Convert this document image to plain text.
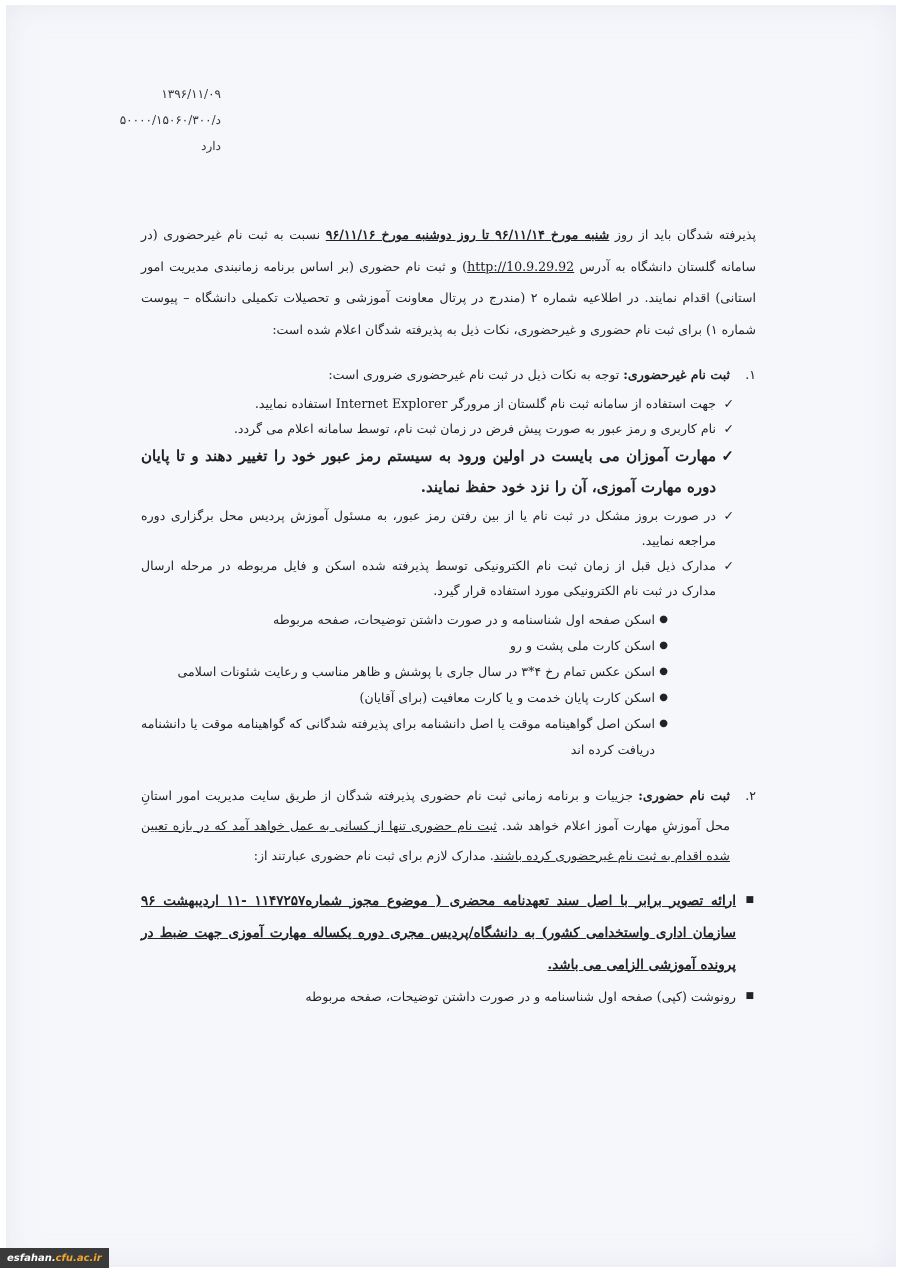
۱۳۹۶/۱۱/۰۹
د/۵۰۰۰۰/۱۵۰۶۰/۳۰۰
دارد

پذیرفته شدگان باید از روز شنبه مورخ ۹۶/۱۱/۱۴ تا روز دوشنبه مورخ ۹۶/۱۱/۱۶ نسبت به ثبت نام غیرحضوری (در سامانه گلستان دانشگاه به آدرس http://10.9.29.92) و ثبت نام حضوری (بر اساس برنامه زمانبندی مدیریت امور استانی) اقدام نمایند. در اطلاعیه شماره ۲ (مندرج در پرتال معاونت آموزشی و تحصیلات تکمیلی دانشگاه – پیوست شماره ۱) برای ثبت نام حضوری و غیرحضوری، نکات ذیل به پذیرفته شدگان اعلام شده است:

۱.
ثبت نام غیرحضوری: توجه به نکات ذیل در ثبت نام غیرحضوری ضروری است:
✓
جهت استفاده از سامانه ثبت نام گلستان از مرورگر Internet Explorer استفاده نمایید.
✓
نام کاربری و رمز عبور به صورت پیش فرض در زمان ثبت نام، توسط سامانه اعلام می گردد.
✓
مهارت آموزان می بایست در اولین ورود به سیستم رمز عبور خود را تغییر دهند و تا پایان دوره مهارت آموزی، آن را نزد خود حفظ نمایند.
✓
در صورت بروز مشکل در ثبت نام یا از بین رفتن رمز عبور، به مسئول آموزش پردیس محل برگزاری دوره مراجعه نمایید.
✓
مدارک ذیل قبل از زمان ثبت نام الکترونیکی توسط پذیرفته شده اسکن و فایل مربوطه در مرحله ارسال مدارک در ثبت نام الکترونیکی مورد استفاده قرار گیرد.
●
اسکن صفحه اول شناسنامه و در صورت داشتن توضیحات، صفحه مربوطه
●
اسکن کارت ملی پشت و رو
●
اسکن عکس تمام رخ ۴*۳ در سال جاری با پوشش و ظاهر مناسب و رعایت شئونات اسلامی
●
اسکن کارت پایان خدمت و یا کارت معافیت (برای آقایان)
●
اسکن اصل گواهینامه موقت یا اصل دانشنامه برای پذیرفته شدگانی که گواهینامه موقت یا دانشنامه دریافت کرده اند
۲.
ثبت نام حضوری: جزییات و برنامه زمانی ثبت نام حضوری پذیرفته شدگان از طریق سایت مدیریت امور استانِ محل آموزشِ مهارت آموز اعلام خواهد شد. ثبت نام حضوری تنها از کسانی به عمل خواهد آمد که در بازه تعیین شده اقدام به ثبت نام غیرحضوری کرده باشند. مدارک لازم برای ثبت نام حضوری عبارتند از:
■
ارائه تصویر برابر با اصل سند تعهدنامه محضری ( موضوع مجوز شماره۱۱۴۷۲۵۷ -۱۱ اردیبهشت ۹۶ سازمان اداری واستخدامی کشور) به دانشگاه/پردیس مجری دوره یکساله مهارت آموزی جهت ضبط در پرونده آموزشی الزامی می باشد.
■
رونوشت (کپی) صفحه اول شناسنامه و در صورت داشتن توضیحات، صفحه مربوطه
esfahan. cfu.ac.ir
